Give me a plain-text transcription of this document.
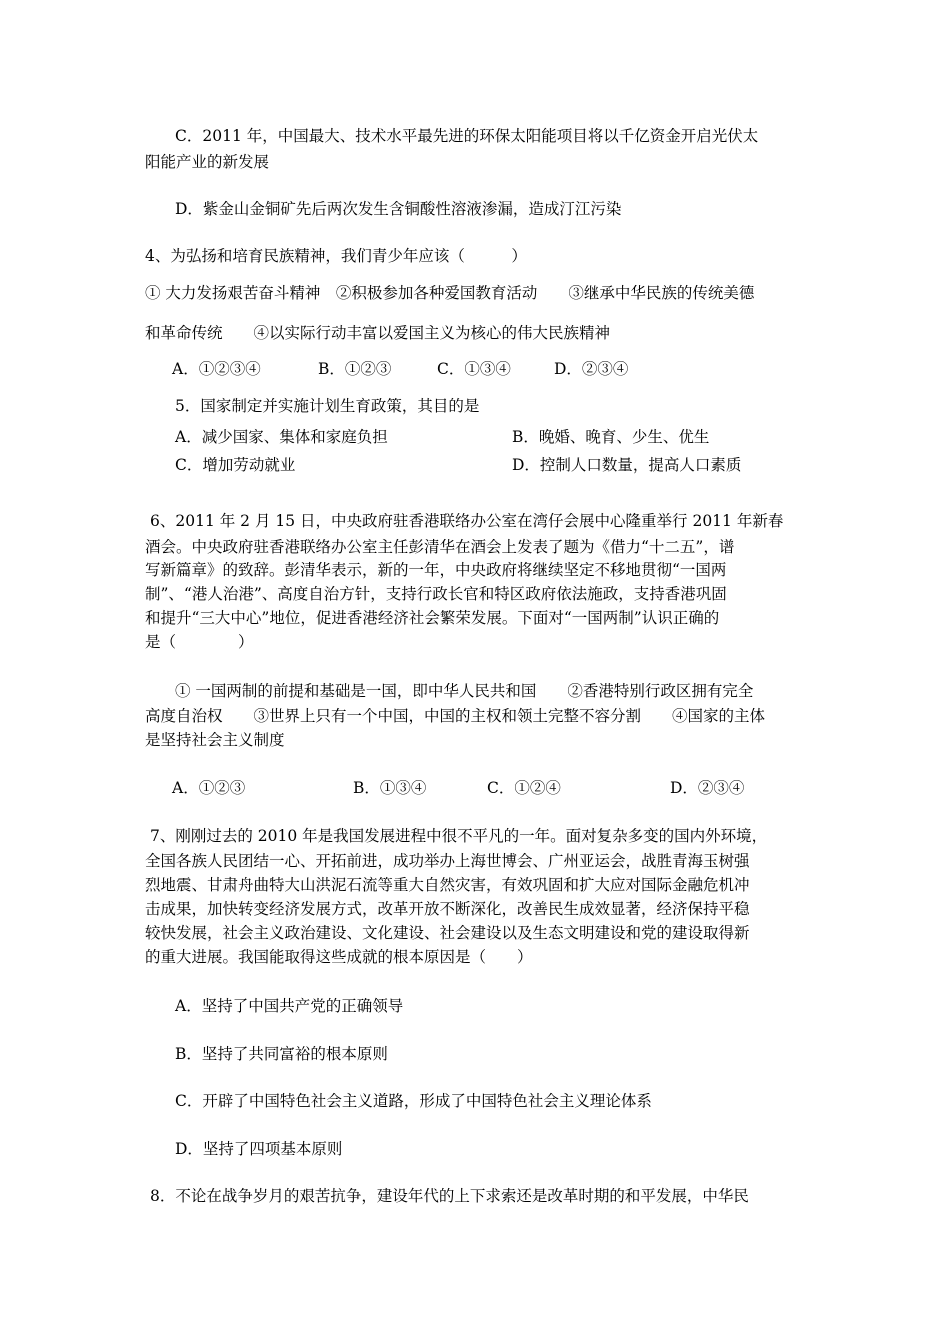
C．2011 年，中国最大、技术水平最先进的环保太阳能项目将以千亿资金开启光伏太
阳能产业的新发展
D．紫金山金铜矿先后两次发生含铜酸性溶液渗漏，造成汀江污染
4、为弘扬和培育民族精神，我们青少年应该（　　　）
① 大力发扬艰苦奋斗精神　②积极参加各种爱国教育活动　　③继承中华民族的传统美德
和革命传统　　④以实际行动丰富以爱国主义为核心的伟大民族精神
A．①②③④	B．①②③	C．①③④	D．②③④
5．国家制定并实施计划生育政策，其目的是
A．减少国家、集体和家庭负担	B．晚婚、晚育、少生、优生
C．增加劳动就业	D．控制人口数量，提高人口素质
6、2011 年 2 月 15 日，中央政府驻香港联络办公室在湾仔会展中心隆重举行 2011 年新春
酒会。中央政府驻香港联络办公室主任彭清华在酒会上发表了题为《借力“十二五”，谱
写新篇章》的致辞。彭清华表示，新的一年，中央政府将继续坚定不移地贯彻“一国两
制”、“港人治港”、高度自治方针，支持行政长官和特区政府依法施政，支持香港巩固
和提升“三大中心”地位，促进香港经济社会繁荣发展。下面对“一国两制”认识正确的
是（　　　　）
① 一国两制的前提和基础是一国，即中华人民共和国　　②香港特别行政区拥有完全
高度自治权　　③世界上只有一个中国，中国的主权和领土完整不容分割　　④国家的主体
是坚持社会主义制度
A．①②③	B．①③④	C．①②④	D．②③④
7、刚刚过去的 2010 年是我国发展进程中很不平凡的一年。面对复杂多变的国内外环境，
全国各族人民团结一心、开拓前进，成功举办上海世博会、广州亚运会，战胜青海玉树强
烈地震、甘肃舟曲特大山洪泥石流等重大自然灾害，有效巩固和扩大应对国际金融危机冲
击成果，加快转变经济发展方式，改革开放不断深化，改善民生成效显著，经济保持平稳
较快发展，社会主义政治建设、文化建设、社会建设以及生态文明建设和党的建设取得新
的重大进展。我国能取得这些成就的根本原因是（　　）
A．坚持了中国共产党的正确领导
B．坚持了共同富裕的根本原则
C．开辟了中国特色社会主义道路，形成了中国特色社会主义理论体系
D．坚持了四项基本原则
8．不论在战争岁月的艰苦抗争，建设年代的上下求索还是改革时期的和平发展，中华民
